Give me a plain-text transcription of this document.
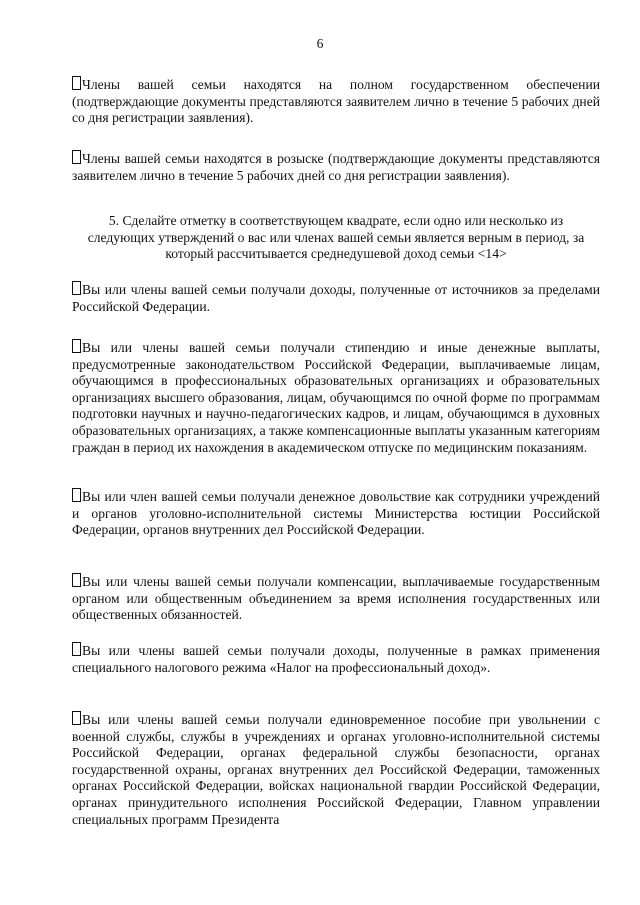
6
Члены вашей семьи находятся на полном государственном обеспечении (подтверждающие документы представляются заявителем лично в течение 5 рабочих дней со дня регистрации заявления).
Члены вашей семьи находятся в розыске (подтверждающие документы представляются заявителем лично в течение 5 рабочих дней со дня регистрации заявления).
5. Сделайте отметку в соответствующем квадрате, если одно или несколько из следующих утверждений о вас или членах вашей семьи является верным в период, за который рассчитывается среднедушевой доход семьи <14>
Вы или члены вашей семьи получали доходы, полученные от источников за пределами Российской Федерации.
Вы или члены вашей семьи получали стипендию и иные денежные выплаты, предусмотренные законодательством Российской Федерации, выплачиваемые лицам, обучающимся в профессиональных образовательных организациях и образовательных организациях высшего образования, лицам, обучающимся по очной форме по программам подготовки научных и научно-педагогических кадров, и лицам, обучающимся в духовных образовательных организациях, а также компенсационные выплаты указанным категориям граждан в период их нахождения в академическом отпуске по медицинским показаниям.
Вы или член вашей семьи получали денежное довольствие как сотрудники учреждений и органов уголовно-исполнительной системы Министерства юстиции Российской Федерации, органов внутренних дел Российской Федерации.
Вы или члены вашей семьи получали компенсации, выплачиваемые государственным органом или общественным объединением за время исполнения государственных или общественных обязанностей.
Вы или члены вашей семьи получали доходы, полученные в рамках применения специального налогового режима «Налог на профессиональный доход».
Вы или члены вашей семьи получали единовременное пособие при увольнении с военной службы, службы в учреждениях и органах уголовно-исполнительной системы Российской Федерации, органах федеральной службы безопасности, органах государственной охраны, органах внутренних дел Российской Федерации, таможенных органах Российской Федерации, войсках национальной гвардии Российской Федерации, органах принудительного исполнения Российской Федерации, Главном управлении специальных программ Президента
